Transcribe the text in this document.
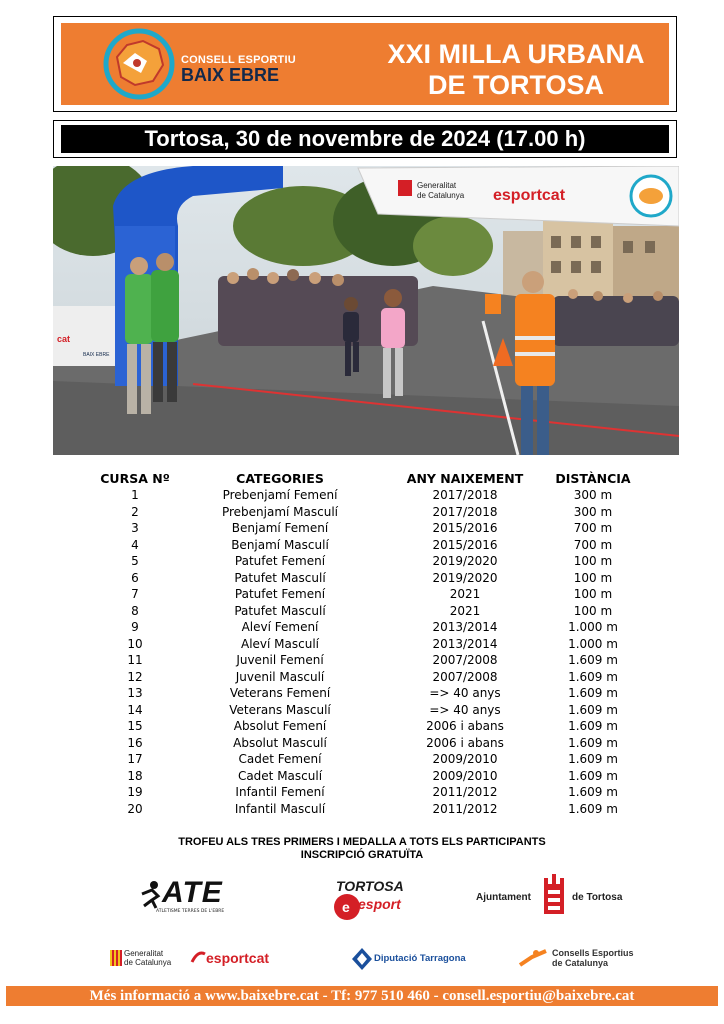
CONSELL ESPORTIU
BAIX EBRE
XXI MILLA URBANA
DE TORTOSA
Tortosa, 30 de novembre de 2024 (17.00 h)
Generalitat
de Catalunya esportcat
cat
BAIX EBRE
CURSA Nº	CATEGORIES	ANY NAIXEMENT	DISTÀNCIA
1	Prebenjamí Femení	2017/2018	300 m
2	Prebenjamí Masculí	2017/2018	300 m
3	Benjamí Femení	2015/2016	700 m
4	Benjamí Masculí	2015/2016	700 m
5	Patufet Femení	2019/2020	100 m
6	Patufet Masculí	2019/2020	100 m
7	Patufet Femení	2021	100 m
8	Patufet Masculí	2021	100 m
9	Aleví Femení	2013/2014	1.000 m
10	Aleví Masculí	2013/2014	1.000 m
11	Juvenil Femení	2007/2008	1.609 m
12	Juvenil Masculí	2007/2008	1.609 m
13	Veterans Femení	=> 40 anys	1.609 m
14	Veterans Masculí	=> 40 anys	1.609 m
15	Absolut Femení	2006 i abans	1.609 m
16	Absolut Masculí	2006 i abans	1.609 m
17	Cadet Femení	2009/2010	1.609 m
18	Cadet Masculí	2009/2010	1.609 m
19	Infantil Femení	2011/2012	1.609 m
20	Infantil Masculí	2011/2012	1.609 m
TROFEU ALS TRES PRIMERS I MEDALLA A TOTS ELS PARTICIPANTS
INSCRIPCIÓ GRATUÏTA
ATE
ATLETISME TERRES DE L'EBRE
TORTOSA
e esport	Ajuntament	de Tortosa
Generalitat
de Catalunya esportcat	Diputació Tarragona	Consells Esportius
de Catalunya
Més informació a www.baixebre.cat - Tf: 977 510 460 - consell.esportiu@baixebre.cat
